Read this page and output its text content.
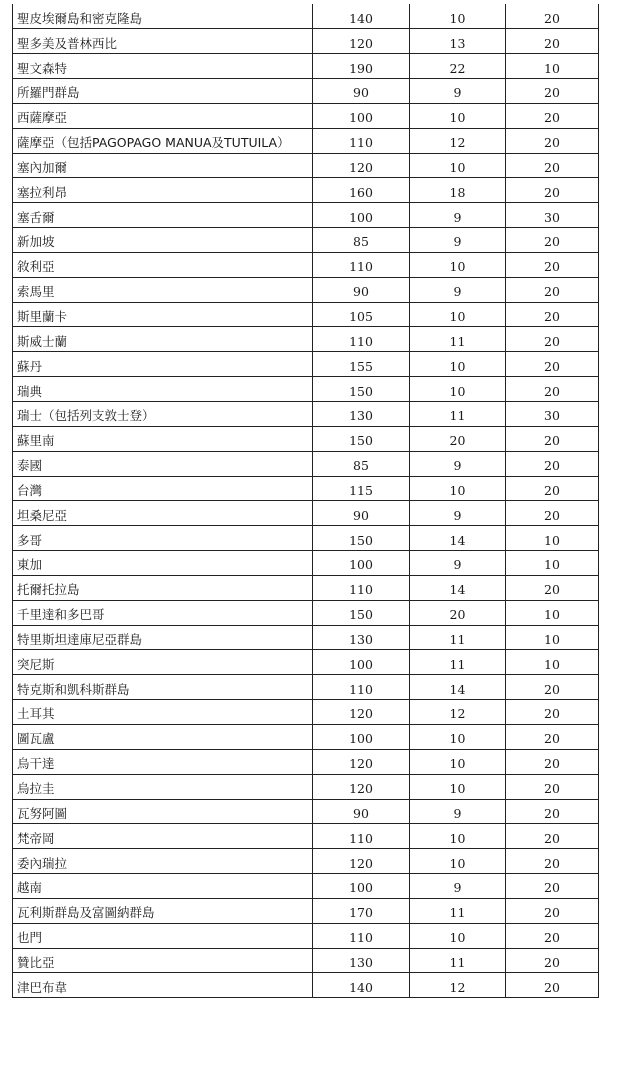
聖皮埃爾島和密克隆島	140	10	20
聖多美及普林西比	120	13	20
聖文森特	190	22	10
所羅門群島	90	9	20
西薩摩亞	100	10	20
薩摩亞（包括PAGOPAGO MANUA及TUTUILA）	110	12	20
塞內加爾	120	10	20
塞拉利昂	160	18	20
塞舌爾	100	9	30
新加坡	85	9	20
敘利亞	110	10	20
索馬里	90	9	20
斯里蘭卡	105	10	20
斯威士蘭	110	11	20
蘇丹	155	10	20
瑞典	150	10	20
瑞士（包括列支敦士登）	130	11	30
蘇里南	150	20	20
泰國	85	9	20
台灣	115	10	20
坦桑尼亞	90	9	20
多哥	150	14	10
東加	100	9	10
托爾托拉島	110	14	20
千里達和多巴哥	150	20	10
特里斯坦達庫尼亞群島	130	11	10
突尼斯	100	11	10
特克斯和凱科斯群島	110	14	20
土耳其	120	12	20
圖瓦盧	100	10	20
烏干達	120	10	20
烏拉圭	120	10	20
瓦努阿圖	90	9	20
梵帝岡	110	10	20
委內瑞拉	120	10	20
越南	100	9	20
瓦利斯群島及富圖納群島	170	11	20
也門	110	10	20
贊比亞	130	11	20
津巴布韋	140	12	20
